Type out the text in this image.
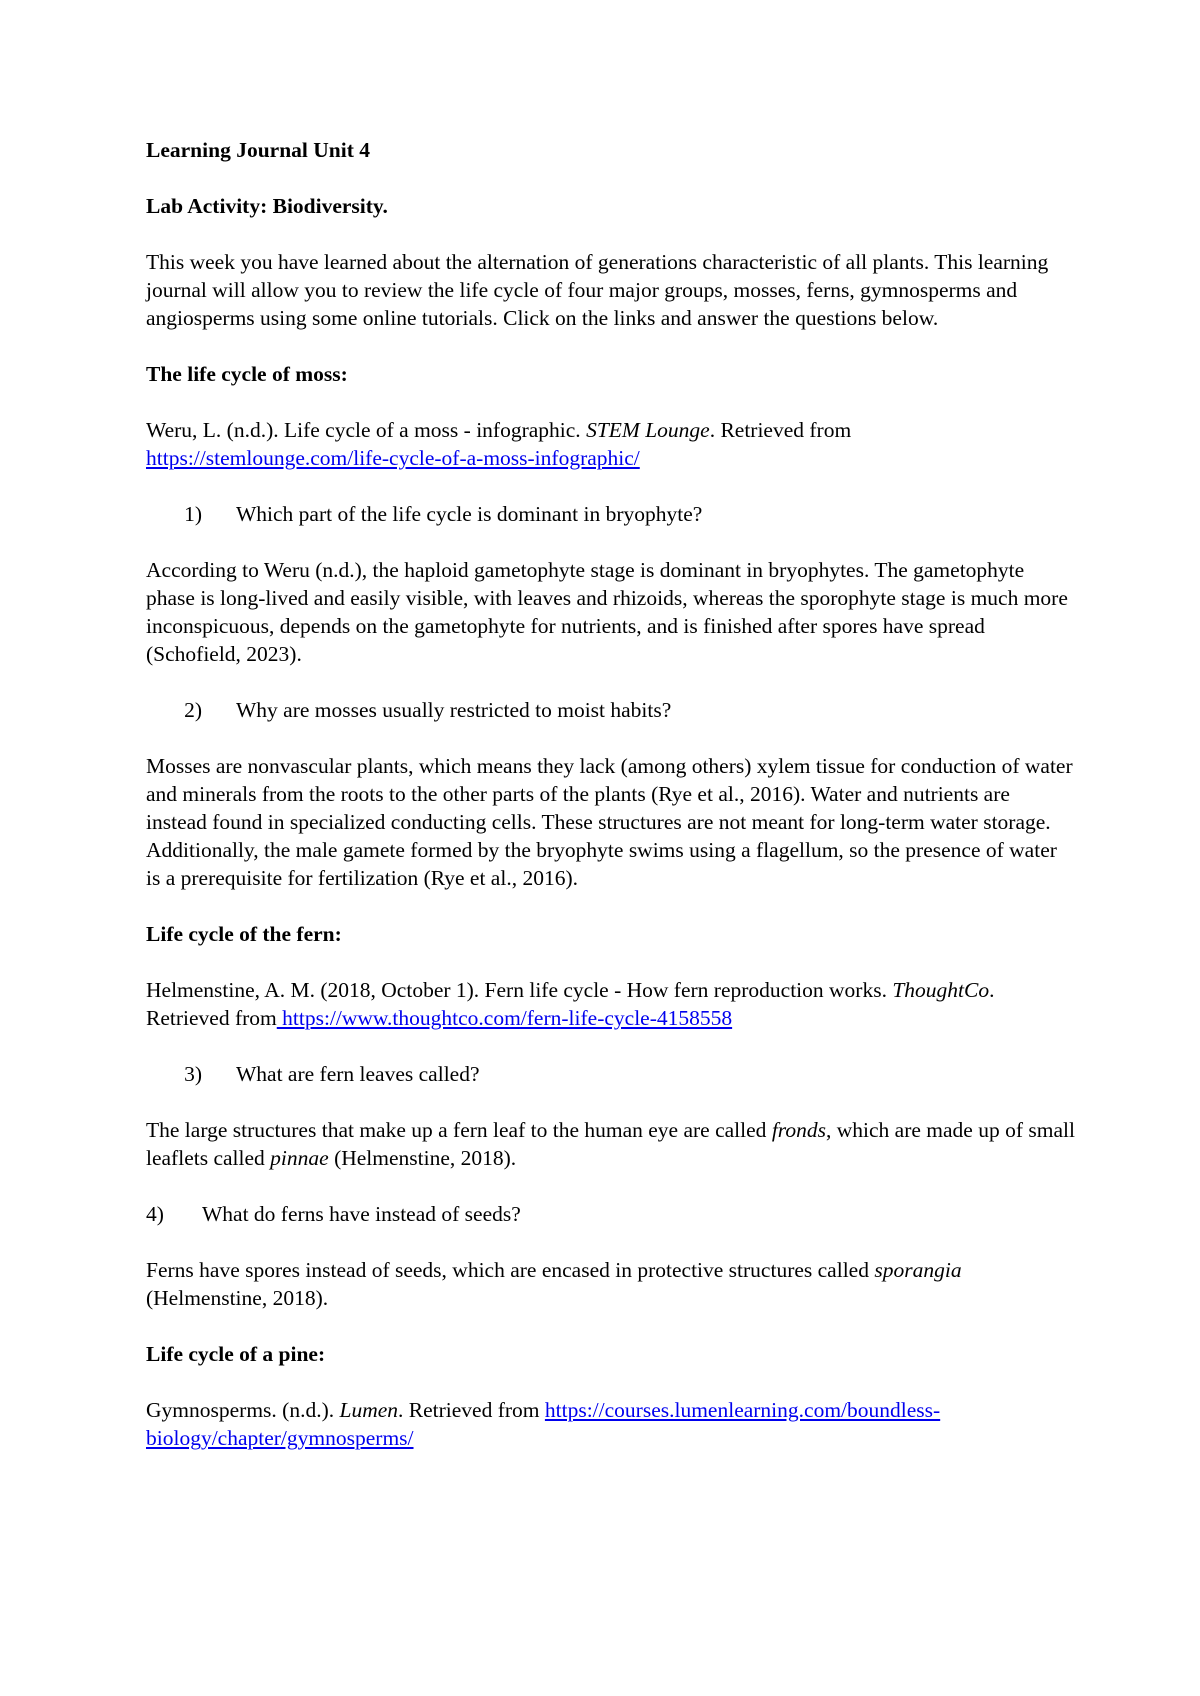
Learning Journal Unit 4

Lab Activity: Biodiversity.

This week you have learned about the alternation of generations characteristic of all plants. This learning journal will allow you to review the life cycle of four major groups, mosses, ferns, gymnosperms and angiosperms using some online tutorials. Click on the links and answer the questions below.

The life cycle of moss:

Weru, L. (n.d.). Life cycle of a moss - infographic. STEM Lounge. Retrieved from https://stemlounge.com/life-cycle-of-a-moss-infographic/

1)	Which part of the life cycle is dominant in bryophyte?

According to Weru (n.d.), the haploid gametophyte stage is dominant in bryophytes. The gametophyte phase is long-lived and easily visible, with leaves and rhizoids, whereas the sporophyte stage is much more inconspicuous, depends on the gametophyte for nutrients, and is finished after spores have spread (Schofield, 2023).

2)	Why are mosses usually restricted to moist habits?

Mosses are nonvascular plants, which means they lack (among others) xylem tissue for conduction of water and minerals from the roots to the other parts of the plants (Rye et al., 2016). Water and nutrients are instead found in specialized conducting cells. These structures are not meant for long-term water storage. Additionally, the male gamete formed by the bryophyte swims using a flagellum, so the presence of water is a prerequisite for fertilization (Rye et al., 2016).

Life cycle of the fern:

Helmenstine, A. M. (2018, October 1). Fern life cycle - How fern reproduction works. ThoughtCo. Retrieved from https://www.thoughtco.com/fern-life-cycle-4158558

3)	What are fern leaves called?

The large structures that make up a fern leaf to the human eye are called fronds, which are made up of small leaflets called pinnae (Helmenstine, 2018).

4)	What do ferns have instead of seeds?

Ferns have spores instead of seeds, which are encased in protective structures called sporangia (Helmenstine, 2018).

Life cycle of a pine:

Gymnosperms. (n.d.). Lumen. Retrieved from https://courses.lumenlearning.com/boundless-biology/chapter/gymnosperms/
